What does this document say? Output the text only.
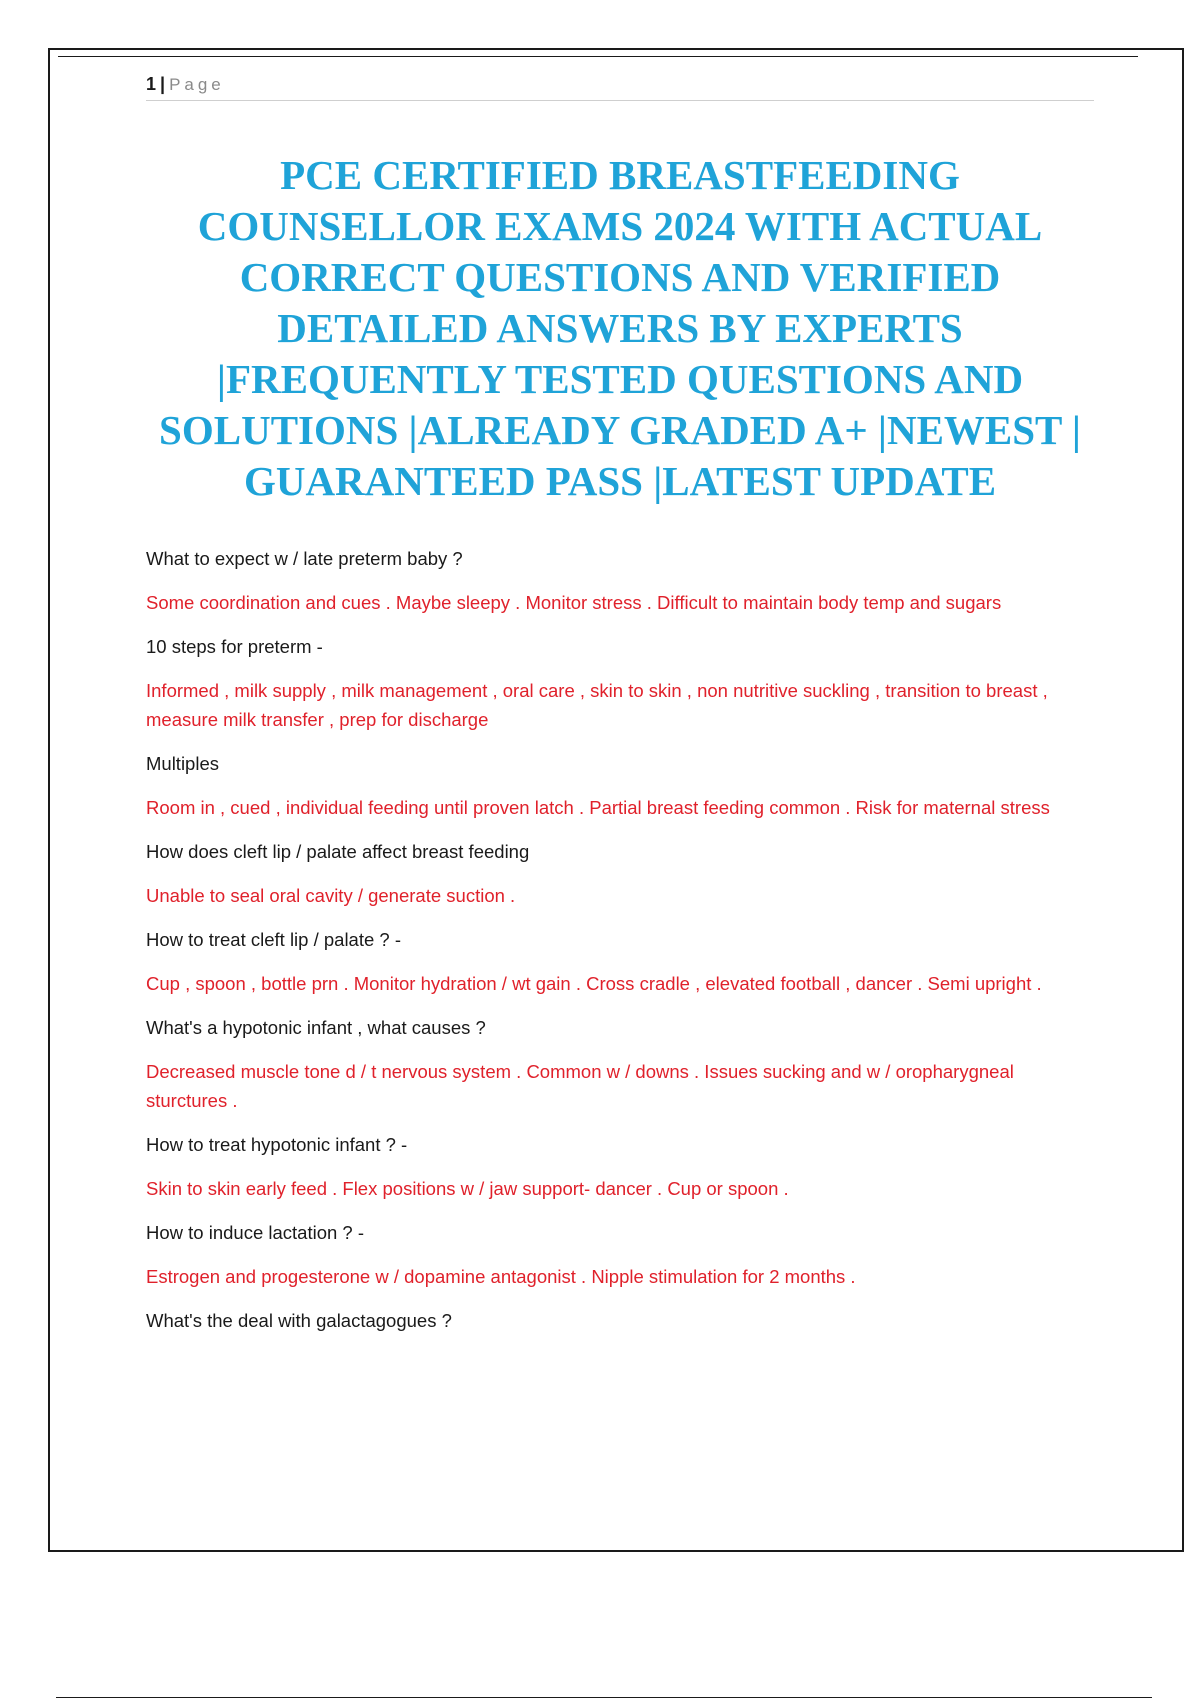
1 | Page
PCE CERTIFIED BREASTFEEDING COUNSELLOR EXAMS 2024 WITH ACTUAL CORRECT QUESTIONS AND VERIFIED DETAILED ANSWERS BY EXPERTS |FREQUENTLY TESTED QUESTIONS AND SOLUTIONS |ALREADY GRADED A+ |NEWEST | GUARANTEED PASS |LATEST UPDATE

What to expect w / late preterm baby ?

Some coordination and cues . Maybe sleepy . Monitor stress . Difficult to maintain body temp and sugars

10 steps for preterm -

Informed , milk supply , milk management , oral care , skin to skin , non nutritive suckling , transition to breast , measure milk transfer , prep for discharge

Multiples

Room in , cued , individual feeding until proven latch . Partial breast feeding common . Risk for maternal stress

How does cleft lip / palate affect breast feeding

Unable to seal oral cavity / generate suction .

How to treat cleft lip / palate ? -

Cup , spoon , bottle prn . Monitor hydration / wt gain . Cross cradle , elevated football , dancer . Semi upright .

What's a hypotonic infant , what causes ?

Decreased muscle tone d / t nervous system . Common w / downs . Issues sucking and w / oropharygneal sturctures .

How to treat hypotonic infant ? -

Skin to skin early feed . Flex positions w / jaw support- dancer . Cup or spoon .

How to induce lactation ? -

Estrogen and progesterone w / dopamine antagonist . Nipple stimulation for 2 months .

What's the deal with galactagogues ?
